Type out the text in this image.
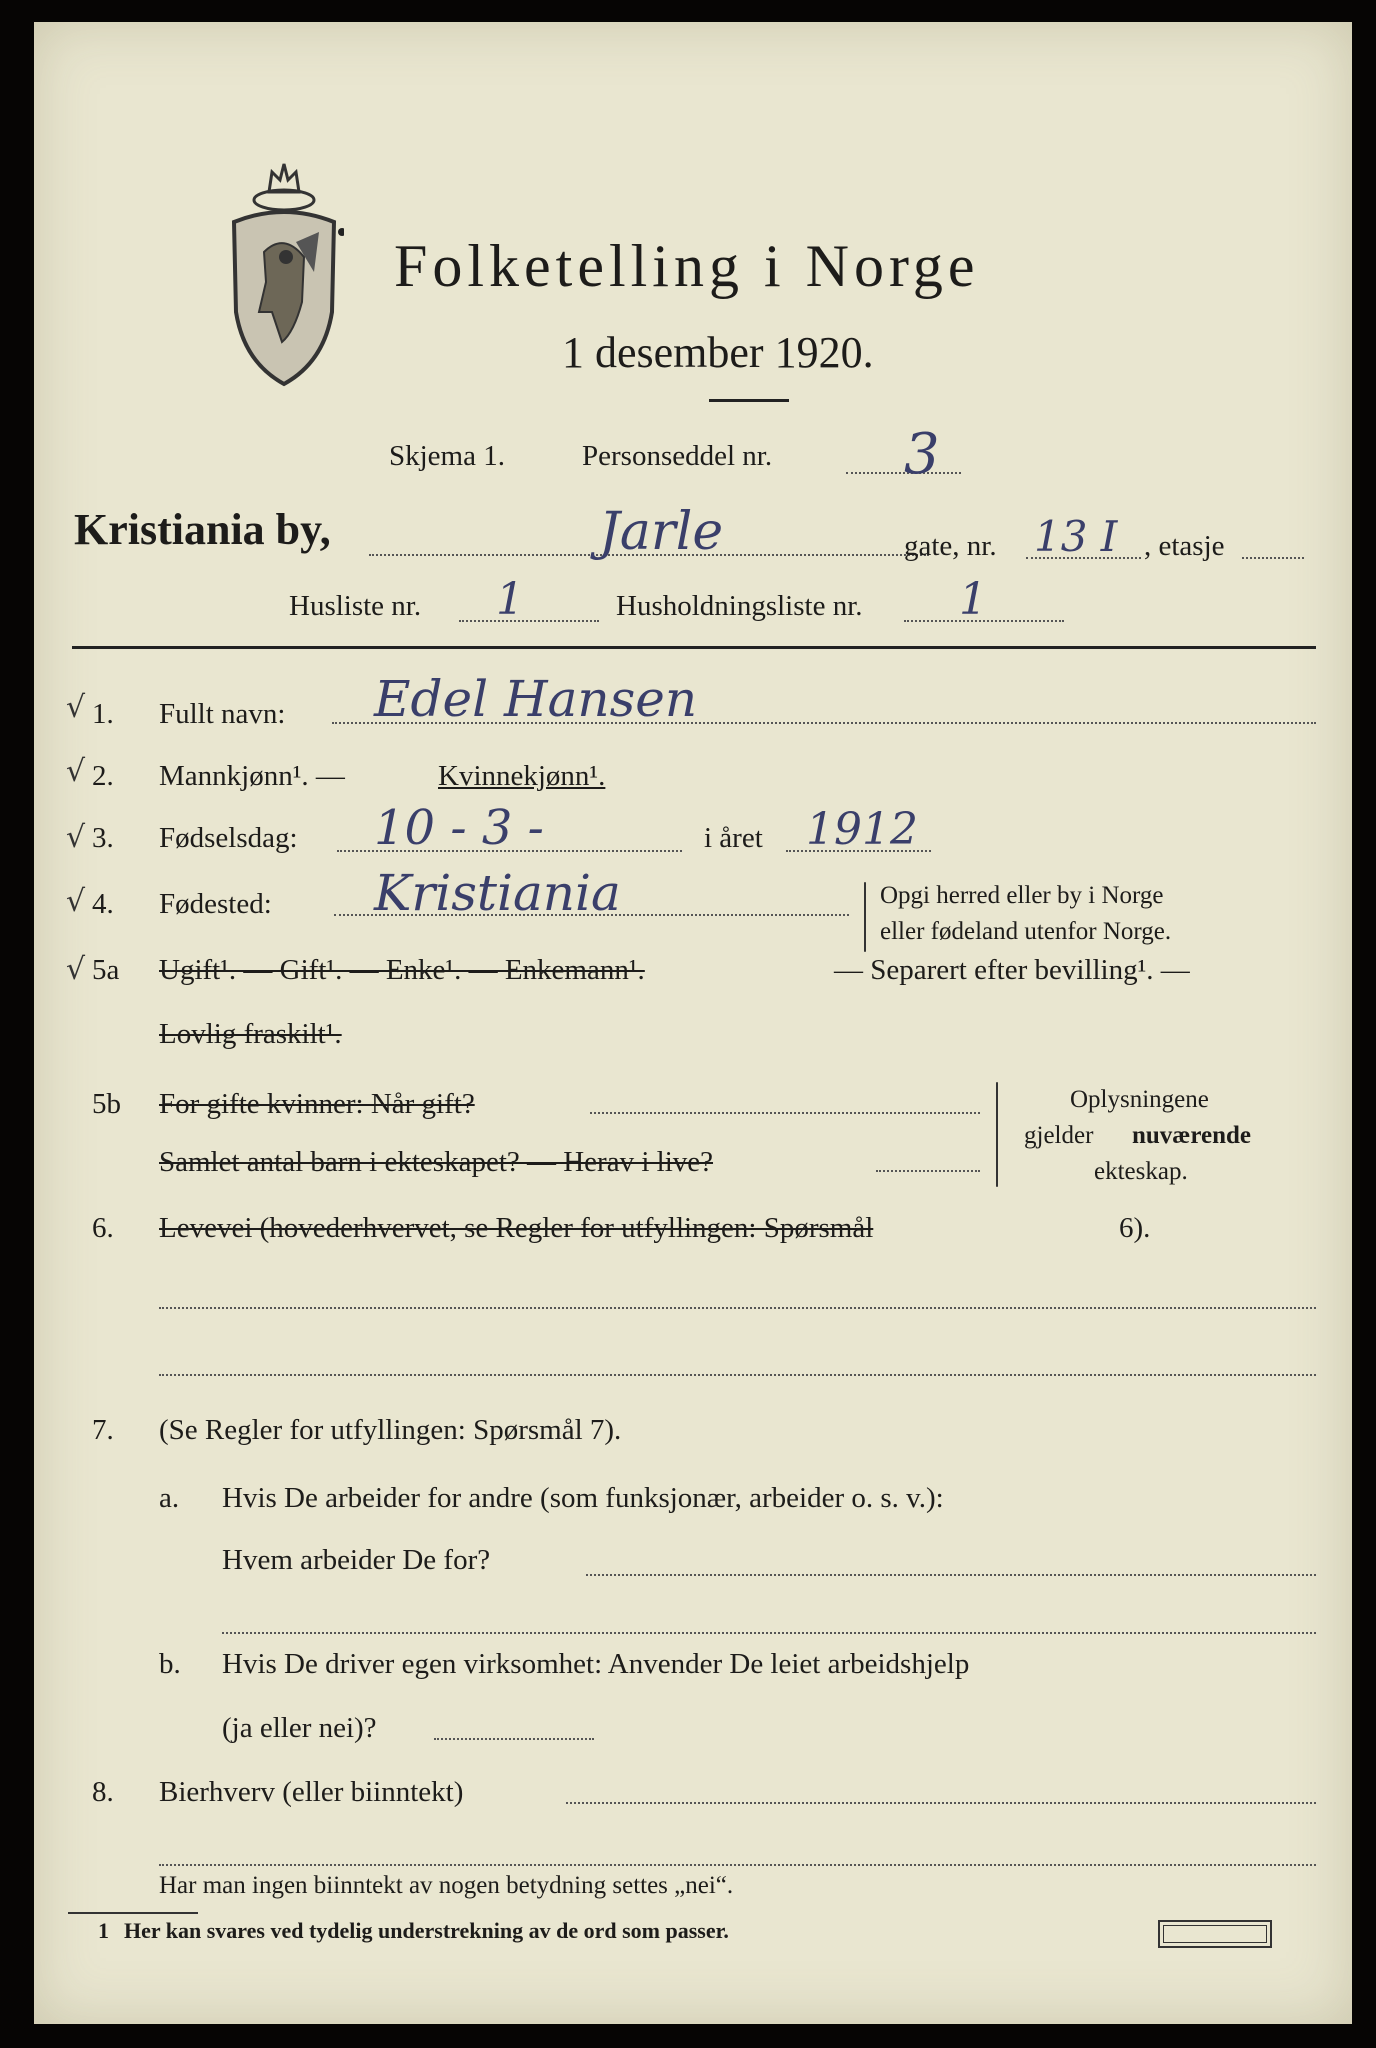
Folketelling i Norge
1 desember 1920.
Skjema 1.	Personseddel nr. 3
Kristiania by,	Jarle	gate, nr. 13 I , etasje
Husliste nr. 1	Husholdningsliste nr. 1
√ 1. Fullt navn: Edel Hansen
√ 2. Mannkjønn¹. —	Kvinnekjønn¹.
√ 3. Fødselsdag: 10 - 3 -	i året 1912
√ 4. Fødested: Kristiania	Opgi herred eller by i Norge
eller fødeland utenfor Norge.
√ 5a Ugift¹. — Gift¹. — Enke¹. — Enkemann¹.	— Separert efter bevilling¹. —
Lovlig fraskilt¹.
5b For gifte kvinner: Når gift?
Samlet antal barn i ekteskapet? — Herav i live?
Oplysningene
gjelder nuværende
ekteskap.
6. Levevei (hovederhvervet, se Regler for utfyllingen: Spørsmål	6).
7. (Se Regler for utfyllingen: Spørsmål 7).
a. Hvis De arbeider for andre (som funksjonær, arbeider o. s. v.):
Hvem arbeider De for?
b. Hvis De driver egen virksomhet: Anvender De leiet arbeidshjelp
(ja eller nei)?
8. Bierhverv (eller biinntekt)
Har man ingen biinntekt av nogen betydning settes „nei“.
1 Her kan svares ved tydelig understrekning av de ord som passer.
